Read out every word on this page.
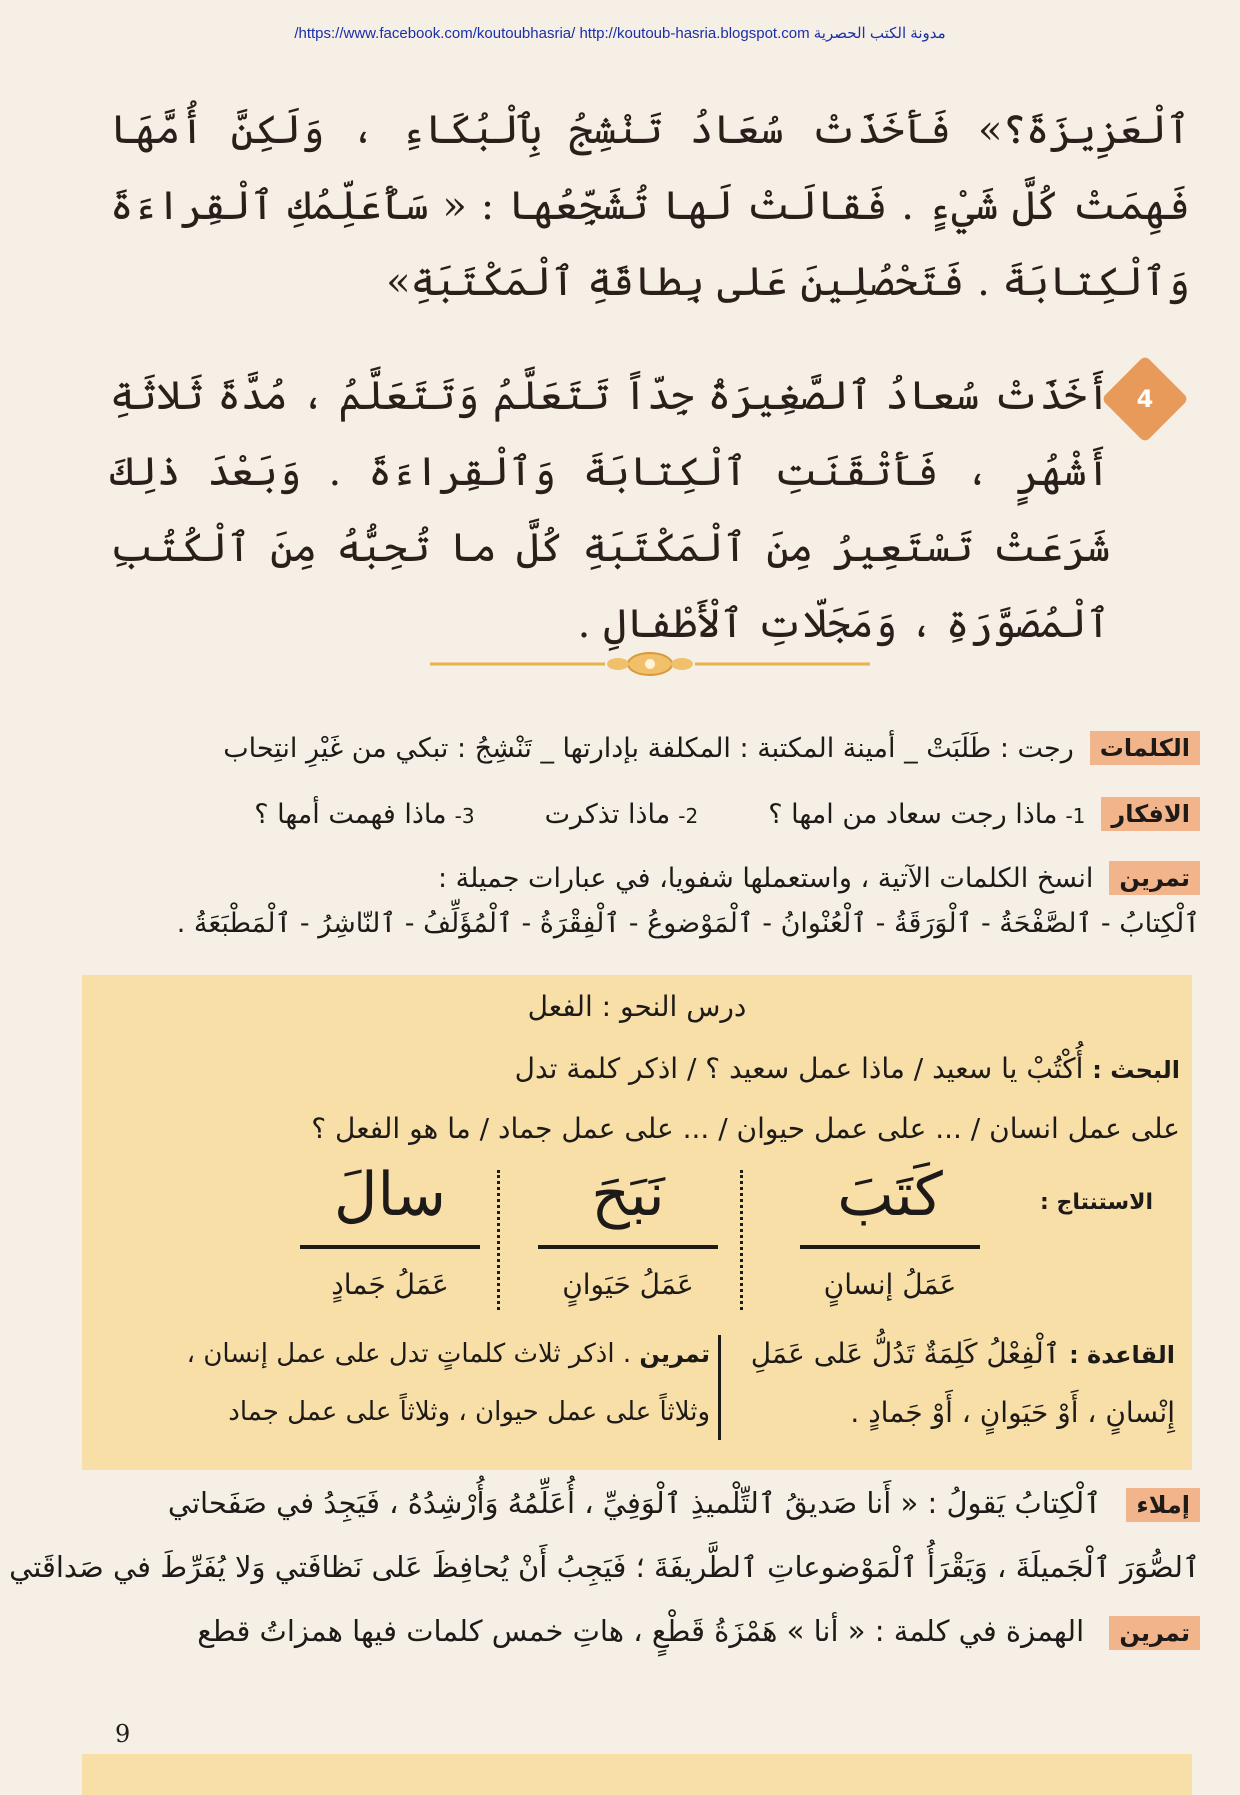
/https://www.facebook.com/koutoubhasria/ http://koutoub-hasria.blogspot.com مدونة الكتب الحصرية
ٱلْعَزِيزَةَ؟» فَأَخَذَتْ سُعَادُ تَنْشِجُ بِٱلْبُكَاءِ ، وَلَكِنَّ أُمَّهَا فَهِمَتْ كُلَّ شَيْءٍ . فَقالَتْ لَها تُشَجِّعُها : « سَأُعَلِّمُكِ ٱلْقِراءَةَ وَٱلْكِتابَةَ . فَتَحْصُلِينَ عَلى بِطاقَةِ ٱلْمَكْتَبَةِ»
4
أَخَذَتْ سُعادُ ٱلصَّغِيرَةُ جِدّاً تَتَعَلَّمُ وَتَتَعَلَّمُ ، مُدَّةَ ثَلاثَةِ أَشْهُرٍ ، فَأَتْقَنَتِ ٱلْكِتابَةَ وَٱلْقِراءَةَ . وَبَعْدَ ذٰلِكَ شَرَعَتْ تَسْتَعِيرُ مِنَ ٱلْمَكْتَبَةِ كُلَّ ما تُحِبُّهُ مِنَ ٱلْكُتُبِ ٱلْمُصَوَّرَةِ ، وَمَجَلّاتِ ٱلْأَطْفالِ .
الكلمات
رجت : طَلَبَتْ _ أمينة المكتبة : المكلفة بإدارتها _ تَنْشِجُ : تبكي من غَيْرِ انتِحاب
الافكار
1-ماذا رجت سعاد من امها ؟
2-ماذا تذكرت
3-ماذا فهمت أمها ؟
تمرين
انسخ الكلمات الآتية ، واستعملها شفويا، في عبارات جميلة :
ٱلْكِتابُ - ٱلصَّفْحَةُ - ٱلْوَرَقَةُ - ٱلْعُنْوانُ - ٱلْمَوْضوعُ - ٱلْفِقْرَةُ - ٱلْمُؤَلِّفُ - ٱلنّاشِرُ - ٱلْمَطْبَعَةُ .
درس النحو : الفعل
البحث : أُكْتُبْ يا سعيد / ماذا عمل سعيد ؟ / اذكر كلمة تدل
على عمل انسان / ... على عمل حيوان / ... على عمل جماد / ما هو الفعل ؟
الاستنتاج :
كَتَبَ
عَمَلُ إنسانٍ
نَبَحَ
عَمَلُ حَيَوانٍ
سالَ
عَمَلُ جَمادٍ
القاعدة : ٱلْفِعْلُ كَلِمَةٌ تَدُلُّ عَلى عَمَلِ إِنْسانٍ ، أَوْ حَيَوانٍ ، أَوْ جَمادٍ .
تمرين . اذكر ثلاث كلماتٍ تدل على عمل إنسان ، وثلاثاً على عمل حيوان ، وثلاثاً على عمل جماد
إملاء ٱلْكِتابُ يَقولُ : « أَنا صَديقُ ٱلتِّلْميذِ ٱلْوَفِيِّ ، أُعَلِّمُهُ وَأُرْشِدُهُ ، فَيَجِدُ في صَفَحاتي
ٱلصُّوَرَ ٱلْجَميلَةَ ، وَيَقْرَأُ ٱلْمَوْضوعاتِ ٱلطَّريفَةَ ؛ فَيَجِبُ أَنْ يُحافِظَ عَلى نَظافَتي وَلا يُفَرِّطَ في صَداقَتي
تمرين الهمزة في كلمة : « أنا » هَمْزَةُ قَطْعٍ ، هاتِ خمس كلمات فيها همزاتُ قطع
9
